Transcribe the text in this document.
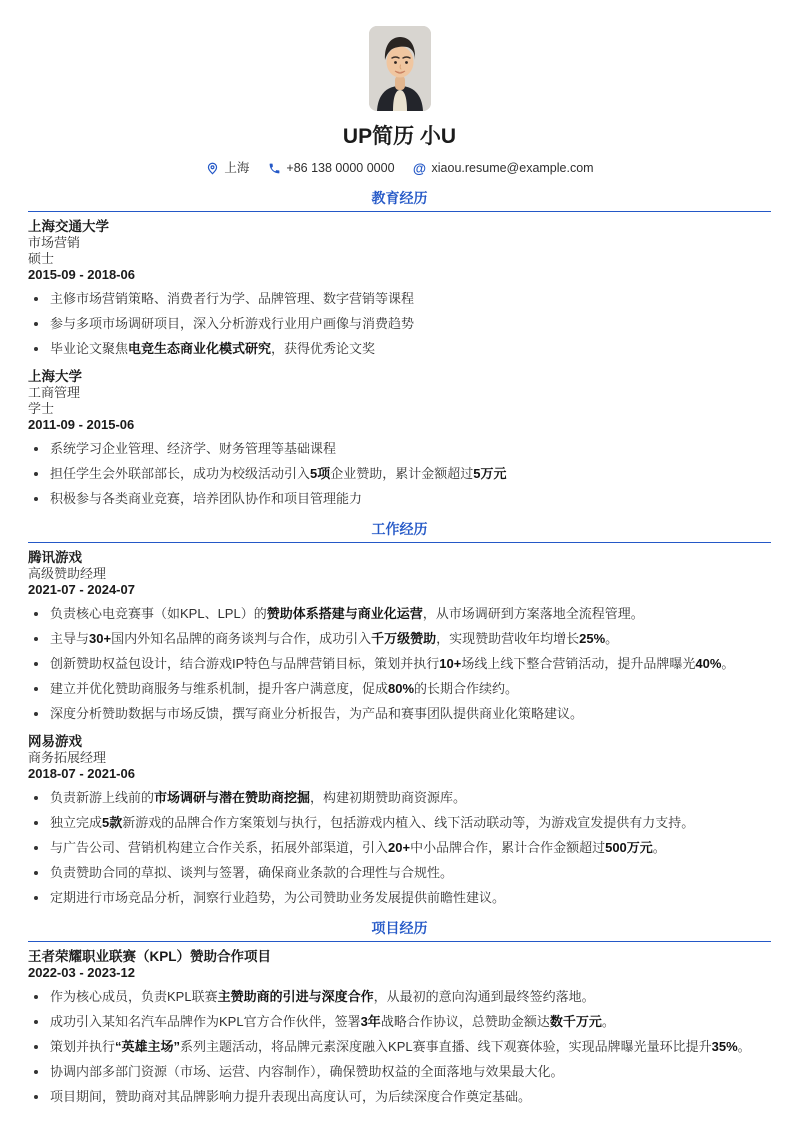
UP简历 小U
上海	+86 138 0000 0000 @ xiaou.resume@example.com
教育经历
上海交通大学
市场营销
硕士
2015-09 - 2018-06
主修市场营销策略、消费者行为学、品牌管理、数字营销等课程
参与多项市场调研项目，深入分析游戏行业用户画像与消费趋势
毕业论文聚焦电竞生态商业化模式研究，获得优秀论文奖
上海大学
工商管理
学士
2011-09 - 2015-06
系统学习企业管理、经济学、财务管理等基础课程
担任学生会外联部部长，成功为校级活动引入5项企业赞助，累计金额超过5万元
积极参与各类商业竞赛，培养团队协作和项目管理能力
工作经历
腾讯游戏
高级赞助经理
2021-07 - 2024-07
负责核心电竞赛事（如KPL、LPL）的赞助体系搭建与商业化运营，从市场调研到方案落地全流程管理。
主导与30+国内外知名品牌的商务谈判与合作，成功引入千万级赞助，实现赞助营收年均增长25%。
创新赞助权益包设计，结合游戏IP特色与品牌营销目标，策划并执行10+场线上线下整合营销活动，提升品牌曝光40%。
建立并优化赞助商服务与维系机制，提升客户满意度，促成80%的长期合作续约。
深度分析赞助数据与市场反馈，撰写商业分析报告，为产品和赛事团队提供商业化策略建议。
网易游戏
商务拓展经理
2018-07 - 2021-06
负责新游上线前的市场调研与潜在赞助商挖掘，构建初期赞助商资源库。
独立完成5款新游戏的品牌合作方案策划与执行，包括游戏内植入、线下活动联动等，为游戏宣发提供有力支持。
与广告公司、营销机构建立合作关系，拓展外部渠道，引入20+中小品牌合作，累计合作金额超过500万元。
负责赞助合同的草拟、谈判与签署，确保商业条款的合理性与合规性。
定期进行市场竞品分析，洞察行业趋势，为公司赞助业务发展提供前瞻性建议。
项目经历
王者荣耀职业联赛（KPL）赞助合作项目
2022-03 - 2023-12
作为核心成员，负责KPL联赛主赞助商的引进与深度合作，从最初的意向沟通到最终签约落地。
成功引入某知名汽车品牌作为KPL官方合作伙伴，签署3年战略合作协议，总赞助金额达数千万元。
策划并执行“英雄主场”系列主题活动，将品牌元素深度融入KPL赛事直播、线下观赛体验，实现品牌曝光量环比提升35%。
协调内部多部门资源（市场、运营、内容制作），确保赞助权益的全面落地与效果最大化。
项目期间，赞助商对其品牌影响力提升表现出高度认可，为后续深度合作奠定基础。
